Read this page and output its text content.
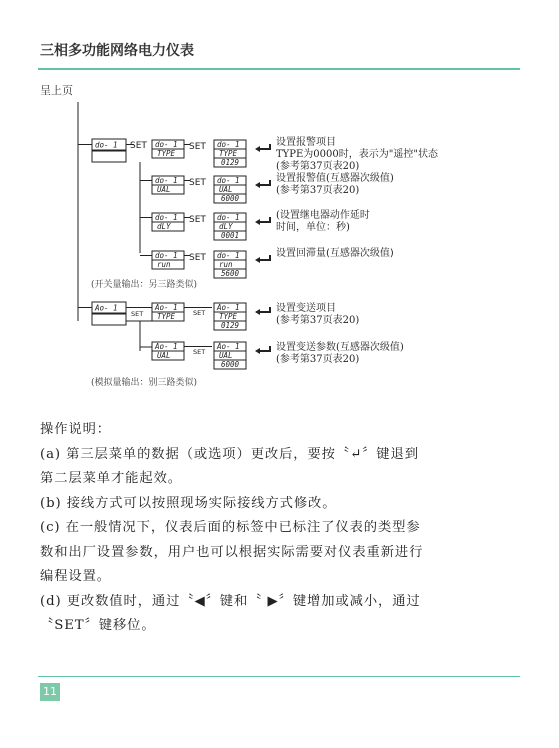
三相多功能网络电力仪表
呈上页
do- 1 SET do- 1
TYPE
SET do- 1
TYPE
0129
设置报警项目
TYPE为0000时，表示为"遥控"状态
(参考第37页表20)
do- 1
UAL
SET do- 1
UAL
6000
设置报警值(互感器次级值)
(参考第37页表20)
do- 1
dLY
SET do- 1
dLY
0001
(设置继电器动作延时
时间，单位：秒)
do- 1
run
SET do- 1
run
5600
设置回滞量(互感器次级值)
(开关量输出：另三路类似)
Ao- 1
SET
Ao- 1
TYPE	SET
Ao- 1
TYPE
0129
设置变送项目
(参考第37页表20)
Ao- 1
UAL	SET
Ao- 1
UAL
6000
设置变送参数(互感器次级值)
(参考第37页表20)
(模拟量输出：别三路类似)
操作说明：
(a) 第三层菜单的数据（或选项）更改后，要按〝↵〞键退到
第二层菜单才能起效。
(b) 接线方式可以按照现场实际接线方式修改。
(c) 在一般情况下，仪表后面的标签中已标注了仪表的类型参
数和出厂设置参数，用户也可以根据实际需要对仪表重新进行
编程设置。
(d) 更改数值时，通过〝◀〞键和〝 ▶〞键增加或减小，通过
〝SET〞键移位。
11
